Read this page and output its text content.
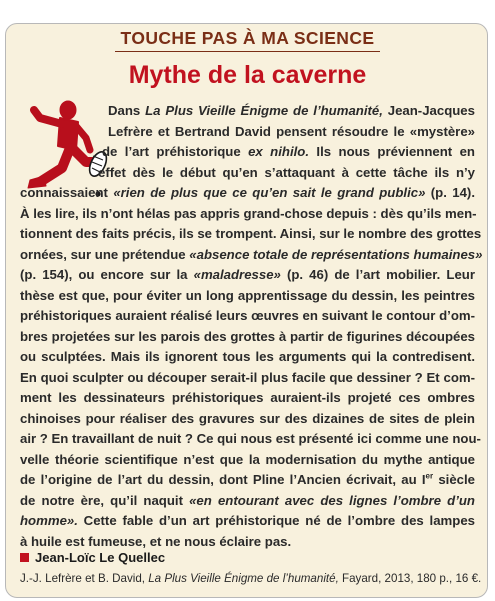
TOUCHE PAS À MA SCIENCE
Mythe de la caverne
Dans La Plus Vieille Énigme de l’humanité, Jean-Jacques
Lefrère et Bertrand David pensent résoudre le «mystère»
de l’art préhistorique ex nihilo. Ils nous préviennent en
effet dès le début qu’en s’attaquant à cette tâche ils n’y
connaissaient «rien de plus que ce qu’en sait le grand public» (p. 14).
À les lire, ils n’ont hélas pas appris grand-chose depuis : dès qu’ils men-
tionnent des faits précis, ils se trompent. Ainsi, sur le nombre des grottes
ornées, sur une prétendue «absence totale de représentations humaines»
(p. 154), ou encore sur la «maladresse» (p. 46) de l’art mobilier. Leur
thèse est que, pour éviter un long apprentissage du dessin, les peintres
préhistoriques auraient réalisé leurs œuvres en suivant le contour d’om-
bres projetées sur les parois des grottes à partir de figurines découpées
ou sculptées. Mais ils ignorent tous les arguments qui la contredisent.
En quoi sculpter ou découper serait-il plus facile que dessiner ? Et com-
ment les dessinateurs préhistoriques auraient-ils projeté ces ombres
chinoises pour réaliser des gravures sur des dizaines de sites de plein
air ? En travaillant de nuit ? Ce qui nous est présenté ici comme une nou-
velle théorie scientifique n’est que la modernisation du mythe antique
de l’origine de l’art du dessin, dont Pline l’Ancien écrivait, au Ier siècle
de notre ère, qu’il naquit «en entourant avec des lignes l’ombre d’un
homme». Cette fable d’un art préhistorique né de l’ombre des lampes
à huile est fumeuse, et ne nous éclaire pas.
Jean-Loïc Le Quellec
J.-J. Lefrère et B. David, La Plus Vieille Énigme de l’humanité, Fayard, 2013, 180 p., 16 €.
